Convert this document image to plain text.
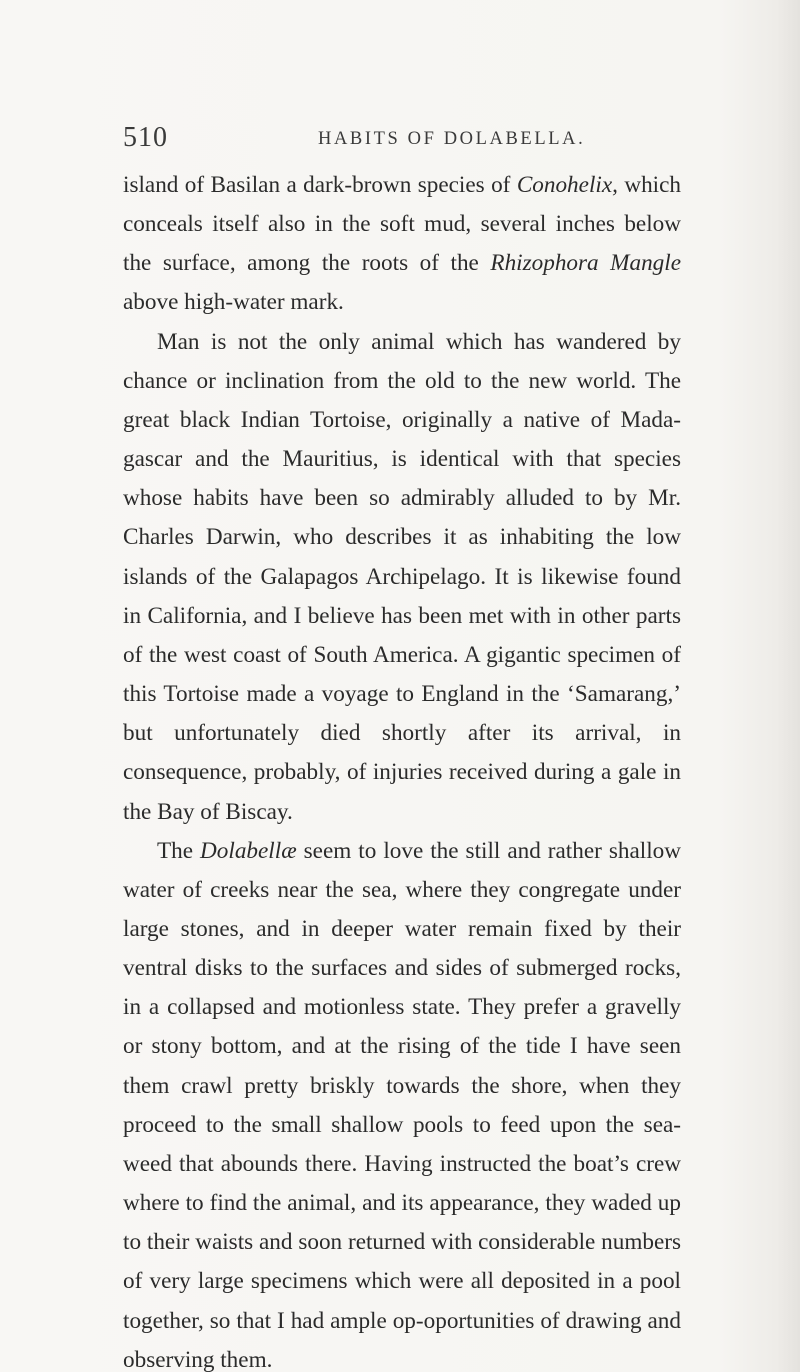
510	HABITS OF DOLABELLA.

island of Basilan a dark-brown species of Conohelix, which conceals itself also in the soft mud, several inches below the surface, among the roots of the Rhizophora Mangle above high-water mark.

Man is not the only animal which has wandered by chance or inclination from the old to the new world. The great black Indian Tortoise, originally a native of Mada-gascar and the Mauritius, is identical with that species whose habits have been so admirably alluded to by Mr. Charles Darwin, who describes it as inhabiting the low islands of the Galapagos Archipelago. It is likewise found in California, and I believe has been met with in other parts of the west coast of South America. A gigantic specimen of this Tortoise made a voyage to England in the ‘Samarang,’ but unfortunately died shortly after its arrival, in consequence, probably, of injuries received during a gale in the Bay of Biscay.

The Dolabellæ seem to love the still and rather shallow water of creeks near the sea, where they congregate under large stones, and in deeper water remain fixed by their ventral disks to the surfaces and sides of submerged rocks, in a collapsed and motionless state. They prefer a gravelly or stony bottom, and at the rising of the tide I have seen them crawl pretty briskly towards the shore, when they proceed to the small shallow pools to feed upon the sea-weed that abounds there. Having instructed the boat’s crew where to find the animal, and its appearance, they waded up to their waists and soon returned with considerable numbers of very large specimens which were all deposited in a pool together, so that I had ample op-oportunities of drawing and observing them.
